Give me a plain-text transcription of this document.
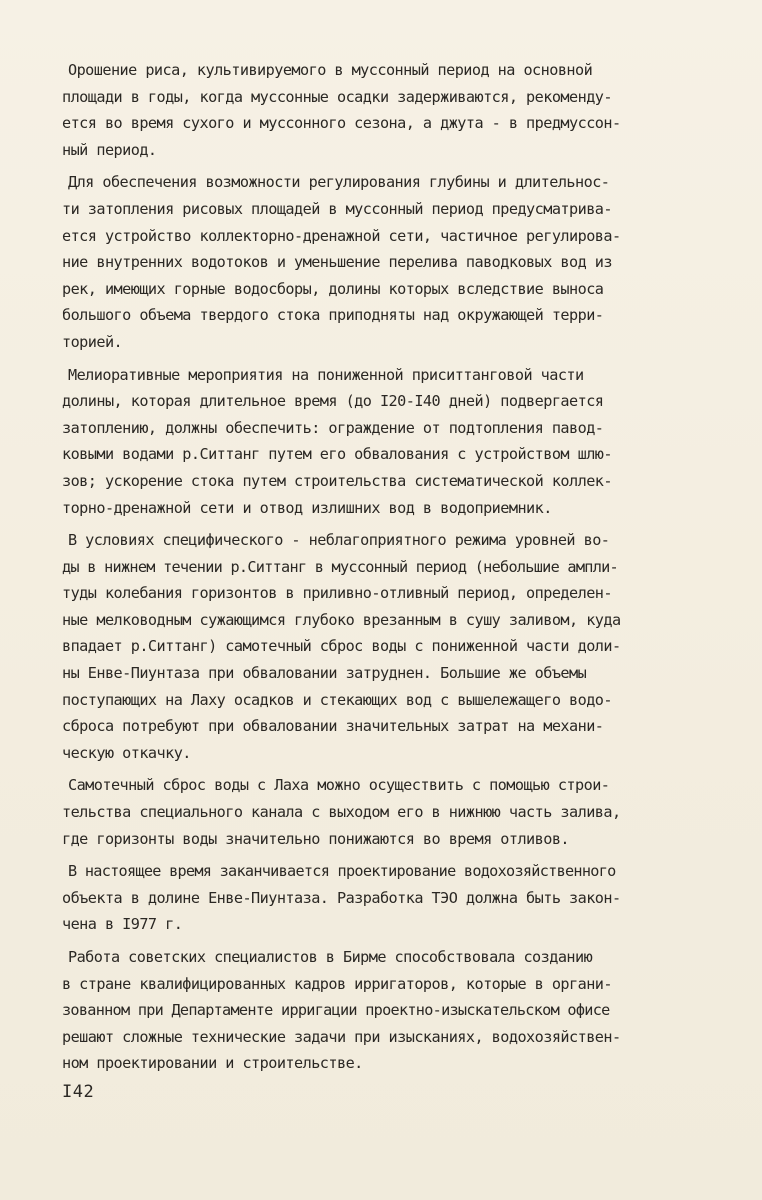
Орошение риса, культивируемого в муссонный период на основной
площади в годы, когда муссонные осадки задерживаются, рекоменду-
ется во время сухого и муссонного сезона, а джута - в предмуссон-
ный период.
Для обеспечения возможности регулирования глубины и длительнос-
ти затопления рисовых площадей в муссонный период предусматрива-
ется устройство коллекторно-дренажной сети, частичное регулирова-
ние внутренних водотоков и уменьшение перелива паводковых вод из
рек, имеющих горные водосборы, долины которых вследствие выноса
большого объема твердого стока приподняты над окружающей терри-
торией.
Мелиоративные мероприятия на пониженной приситтанговой части
долины, которая длительное время (до I20-I40 дней) подвергается
затоплению, должны обеспечить: ограждение от подтопления павод-
ковыми водами р.Ситтанг путем его обвалования с устройством шлю-
зов; ускорение стока путем строительства систематической коллек-
торно-дренажной сети и отвод излишних вод в водоприемник.
В условиях специфического - неблагоприятного режима уровней во-
ды в нижнем течении р.Ситтанг в муссонный период (небольшие ампли-
туды колебания горизонтов в приливно-отливный период, определен-
ные мелководным сужающимся глубоко врезанным в сушу заливом, куда
впадает р.Ситтанг) самотечный сброс воды с пониженной части доли-
ны Енве-Пиунтаза при обваловании затруднен. Большие же объемы
поступающих на Лаху осадков и стекающих вод с вышележащего водо-
сброса потребуют при обваловании значительных затрат на механи-
ческую откачку.
Самотечный сброс воды с Лаха можно осуществить с помощью строи-
тельства специального канала с выходом его в нижнюю часть залива,
где горизонты воды значительно понижаются во время отливов.
В настоящее время заканчивается проектирование водохозяйственного
объекта в долине Енве-Пиунтаза. Разработка ТЭО должна быть закон-
чена в I977 г.
Работа советских специалистов в Бирме способствовала созданию
в стране квалифицированных кадров ирригаторов, которые в органи-
зованном при Департаменте ирригации проектно-изыскательском офисе
решают сложные технические задачи при изысканиях, водохозяйствен-
ном проектировании и строительстве.
I42
